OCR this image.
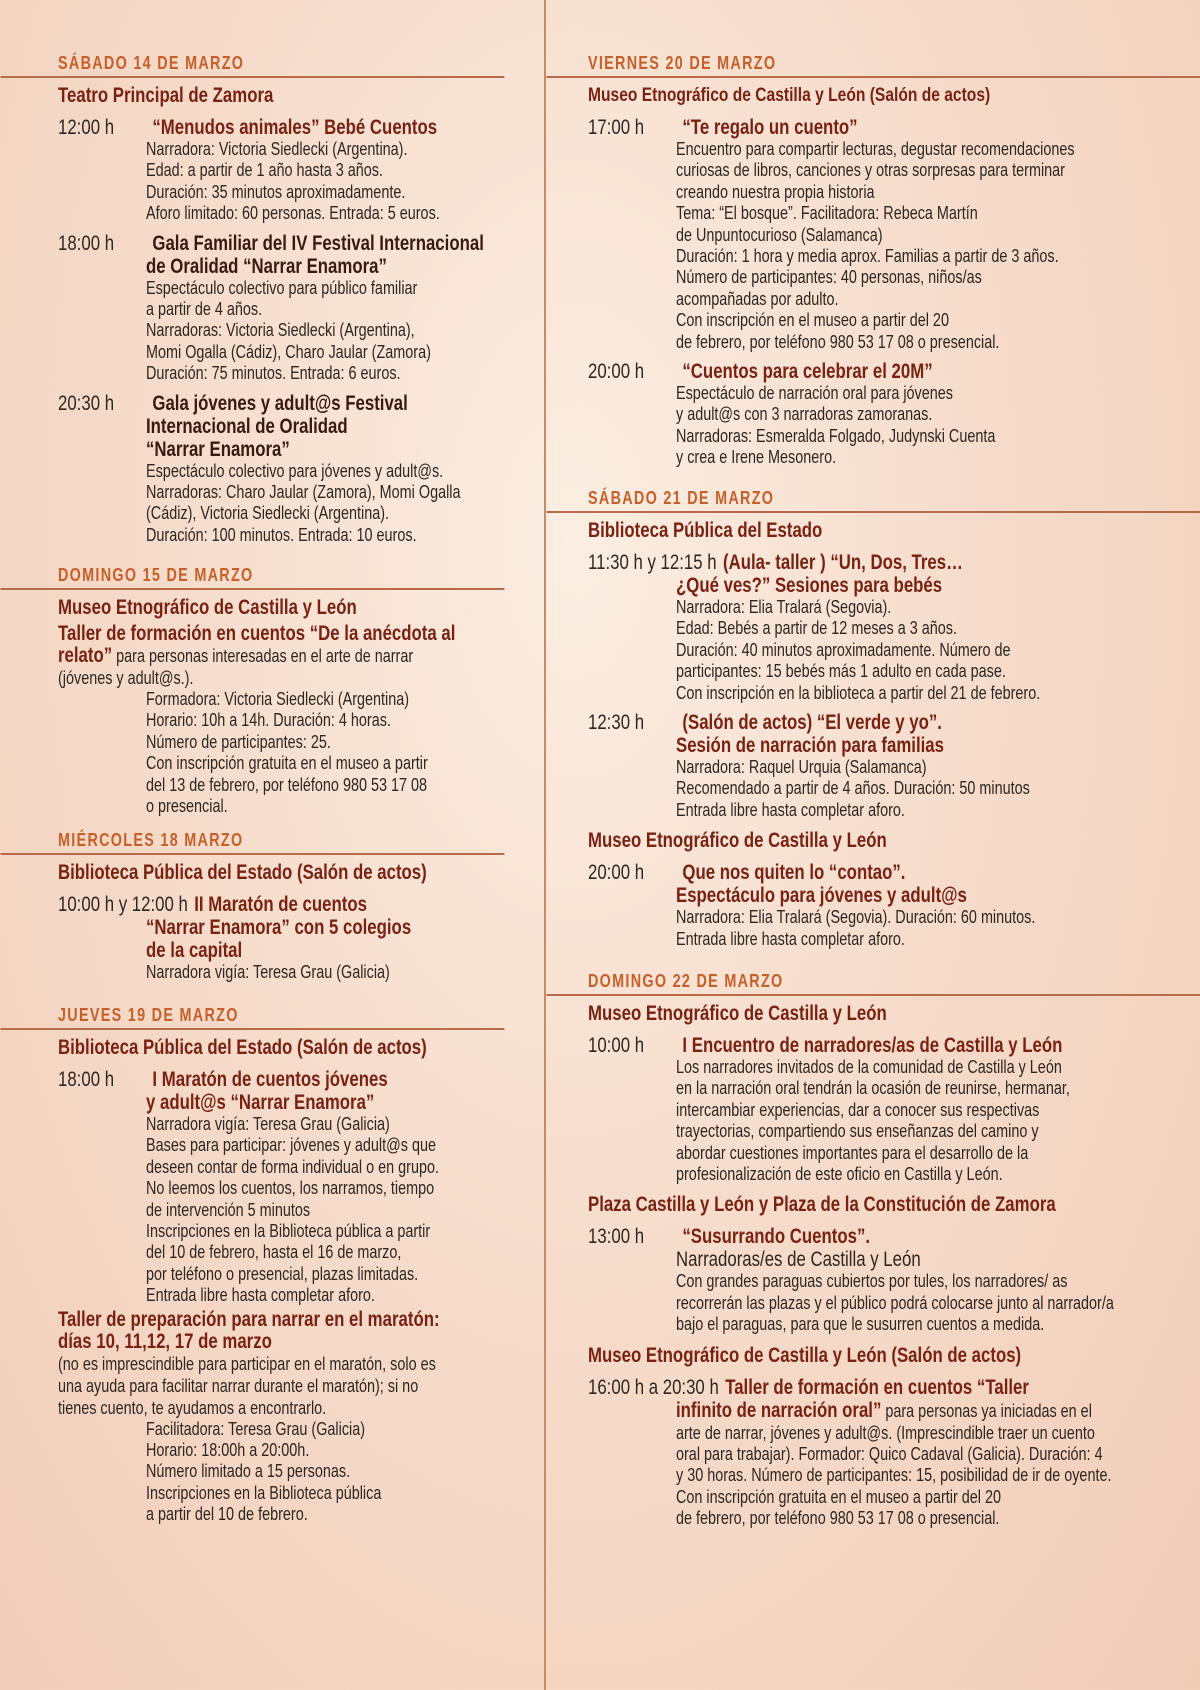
SÁBADO 14 DE MARZO
Teatro Principal de Zamora
12:00 h “Menudos animales” Bebé Cuentos
Narradora: Victoria Siedlecki (Argentina).
Edad: a partir de 1 año hasta 3 años.
Duración: 35 minutos aproximadamente.
Aforo limitado: 60 personas. Entrada: 5 euros.
18:00 h Gala Familiar del IV Festival Internacional
de Oralidad “Narrar Enamora”
Espectáculo colectivo para público familiar
a partir de 4 años.
Narradoras: Victoria Siedlecki (Argentina),
Momi Ogalla (Cádiz), Charo Jaular (Zamora)
Duración: 75 minutos. Entrada: 6 euros.
20:30 h Gala jóvenes y adult@s Festival
Internacional de Oralidad
“Narrar Enamora”
Espectáculo colectivo para jóvenes y adult@s.
Narradoras: Charo Jaular (Zamora), Momi Ogalla
(Cádiz), Victoria Siedlecki (Argentina).
Duración: 100 minutos. Entrada: 10 euros.
DOMINGO 15 DE MARZO
Museo Etnográfico de Castilla y León
Taller de formación en cuentos “De la anécdota al
relato” para personas interesadas en el arte de narrar
(jóvenes y adult@s.).
Formadora: Victoria Siedlecki (Argentina)
Horario: 10h a 14h. Duración: 4 horas.
Número de participantes: 25.
Con inscripción gratuita en el museo a partir
del 13 de febrero, por teléfono 980 53 17 08
o presencial.
MIÉRCOLES 18 MARZO
Biblioteca Pública del Estado (Salón de actos)
10:00 h y 12:00 h II Maratón de cuentos
“Narrar Enamora” con 5 colegios
de la capital
Narradora vigía: Teresa Grau (Galicia)
JUEVES 19 DE MARZO
Biblioteca Pública del Estado (Salón de actos)
18:00 h I Maratón de cuentos jóvenes
y adult@s “Narrar Enamora”
Narradora vigía: Teresa Grau (Galicia)
Bases para participar: jóvenes y adult@s que
deseen contar de forma individual o en grupo.
No leemos los cuentos, los narramos, tiempo
de intervención 5 minutos
Inscripciones en la Biblioteca pública a partir
del 10 de febrero, hasta el 16 de marzo,
por teléfono o presencial, plazas limitadas.
Entrada libre hasta completar aforo.
Taller de preparación para narrar en el maratón:
días 10, 11,12, 17 de marzo
(no es imprescindible para participar en el maratón, solo es
una ayuda para facilitar narrar durante el maratón); si no
tienes cuento, te ayudamos a encontrarlo.
Facilitadora: Teresa Grau (Galicia)
Horario: 18:00h a 20:00h.
Número limitado a 15 personas.
Inscripciones en la Biblioteca pública
a partir del 10 de febrero.
VIERNES 20 DE MARZO
Museo Etnográfico de Castilla y León (Salón de actos)
17:00 h “Te regalo un cuento”
Encuentro para compartir lecturas, degustar recomendaciones
curiosas de libros, canciones y otras sorpresas para terminar
creando nuestra propia historia
Tema: “El bosque”. Facilitadora: Rebeca Martín
de Unpuntocurioso (Salamanca)
Duración: 1 hora y media aprox. Familias a partir de 3 años.
Número de participantes: 40 personas, niños/as
acompañadas por adulto.
Con inscripción en el museo a partir del 20
de febrero, por teléfono 980 53 17 08 o presencial.
20:00 h “Cuentos para celebrar el 20M”
Espectáculo de narración oral para jóvenes
y adult@s con 3 narradoras zamoranas.
Narradoras: Esmeralda Folgado, Judynski Cuenta
y crea e Irene Mesonero.
SÁBADO 21 DE MARZO
Biblioteca Pública del Estado
11:30 h y 12:15 h (Aula- taller ) “Un, Dos, Tres…
¿Qué ves?” Sesiones para bebés
Narradora: Elia Tralará (Segovia).
Edad: Bebés a partir de 12 meses a 3 años.
Duración: 40 minutos aproximadamente. Número de
participantes: 15 bebés más 1 adulto en cada pase.
Con inscripción en la biblioteca a partir del 21 de febrero.
12:30 h (Salón de actos) “El verde y yo”.
Sesión de narración para familias
Narradora: Raquel Urquia (Salamanca)
Recomendado a partir de 4 años. Duración: 50 minutos
Entrada libre hasta completar aforo.
Museo Etnográfico de Castilla y León
20:00 h Que nos quiten lo “contao”.
Espectáculo para jóvenes y adult@s
Narradora: Elia Tralará (Segovia). Duración: 60 minutos.
Entrada libre hasta completar aforo.
DOMINGO 22 DE MARZO
Museo Etnográfico de Castilla y León
10:00 h I Encuentro de narradores/as de Castilla y León
Los narradores invitados de la comunidad de Castilla y León
en la narración oral tendrán la ocasión de reunirse, hermanar,
intercambiar experiencias, dar a conocer sus respectivas
trayectorias, compartiendo sus enseñanzas del camino y
abordar cuestiones importantes para el desarrollo de la
profesionalización de este oficio en Castilla y León.
Plaza Castilla y León y Plaza de la Constitución de Zamora
13:00 h “Susurrando Cuentos”.
Narradoras/es de Castilla y León
Con grandes paraguas cubiertos por tules, los narradores/ as
recorrerán las plazas y el público podrá colocarse junto al narrador/a
bajo el paraguas, para que le susurren cuentos a medida.
Museo Etnográfico de Castilla y León (Salón de actos)
16:00 h a 20:30 h Taller de formación en cuentos “Taller
infinito de narración oral” para personas ya iniciadas en el
arte de narrar, jóvenes y adult@s. (Imprescindible traer un cuento
oral para trabajar). Formador: Quico Cadaval (Galicia). Duración: 4
y 30 horas. Número de participantes: 15, posibilidad de ir de oyente.
Con inscripción gratuita en el museo a partir del 20
de febrero, por teléfono 980 53 17 08 o presencial.
